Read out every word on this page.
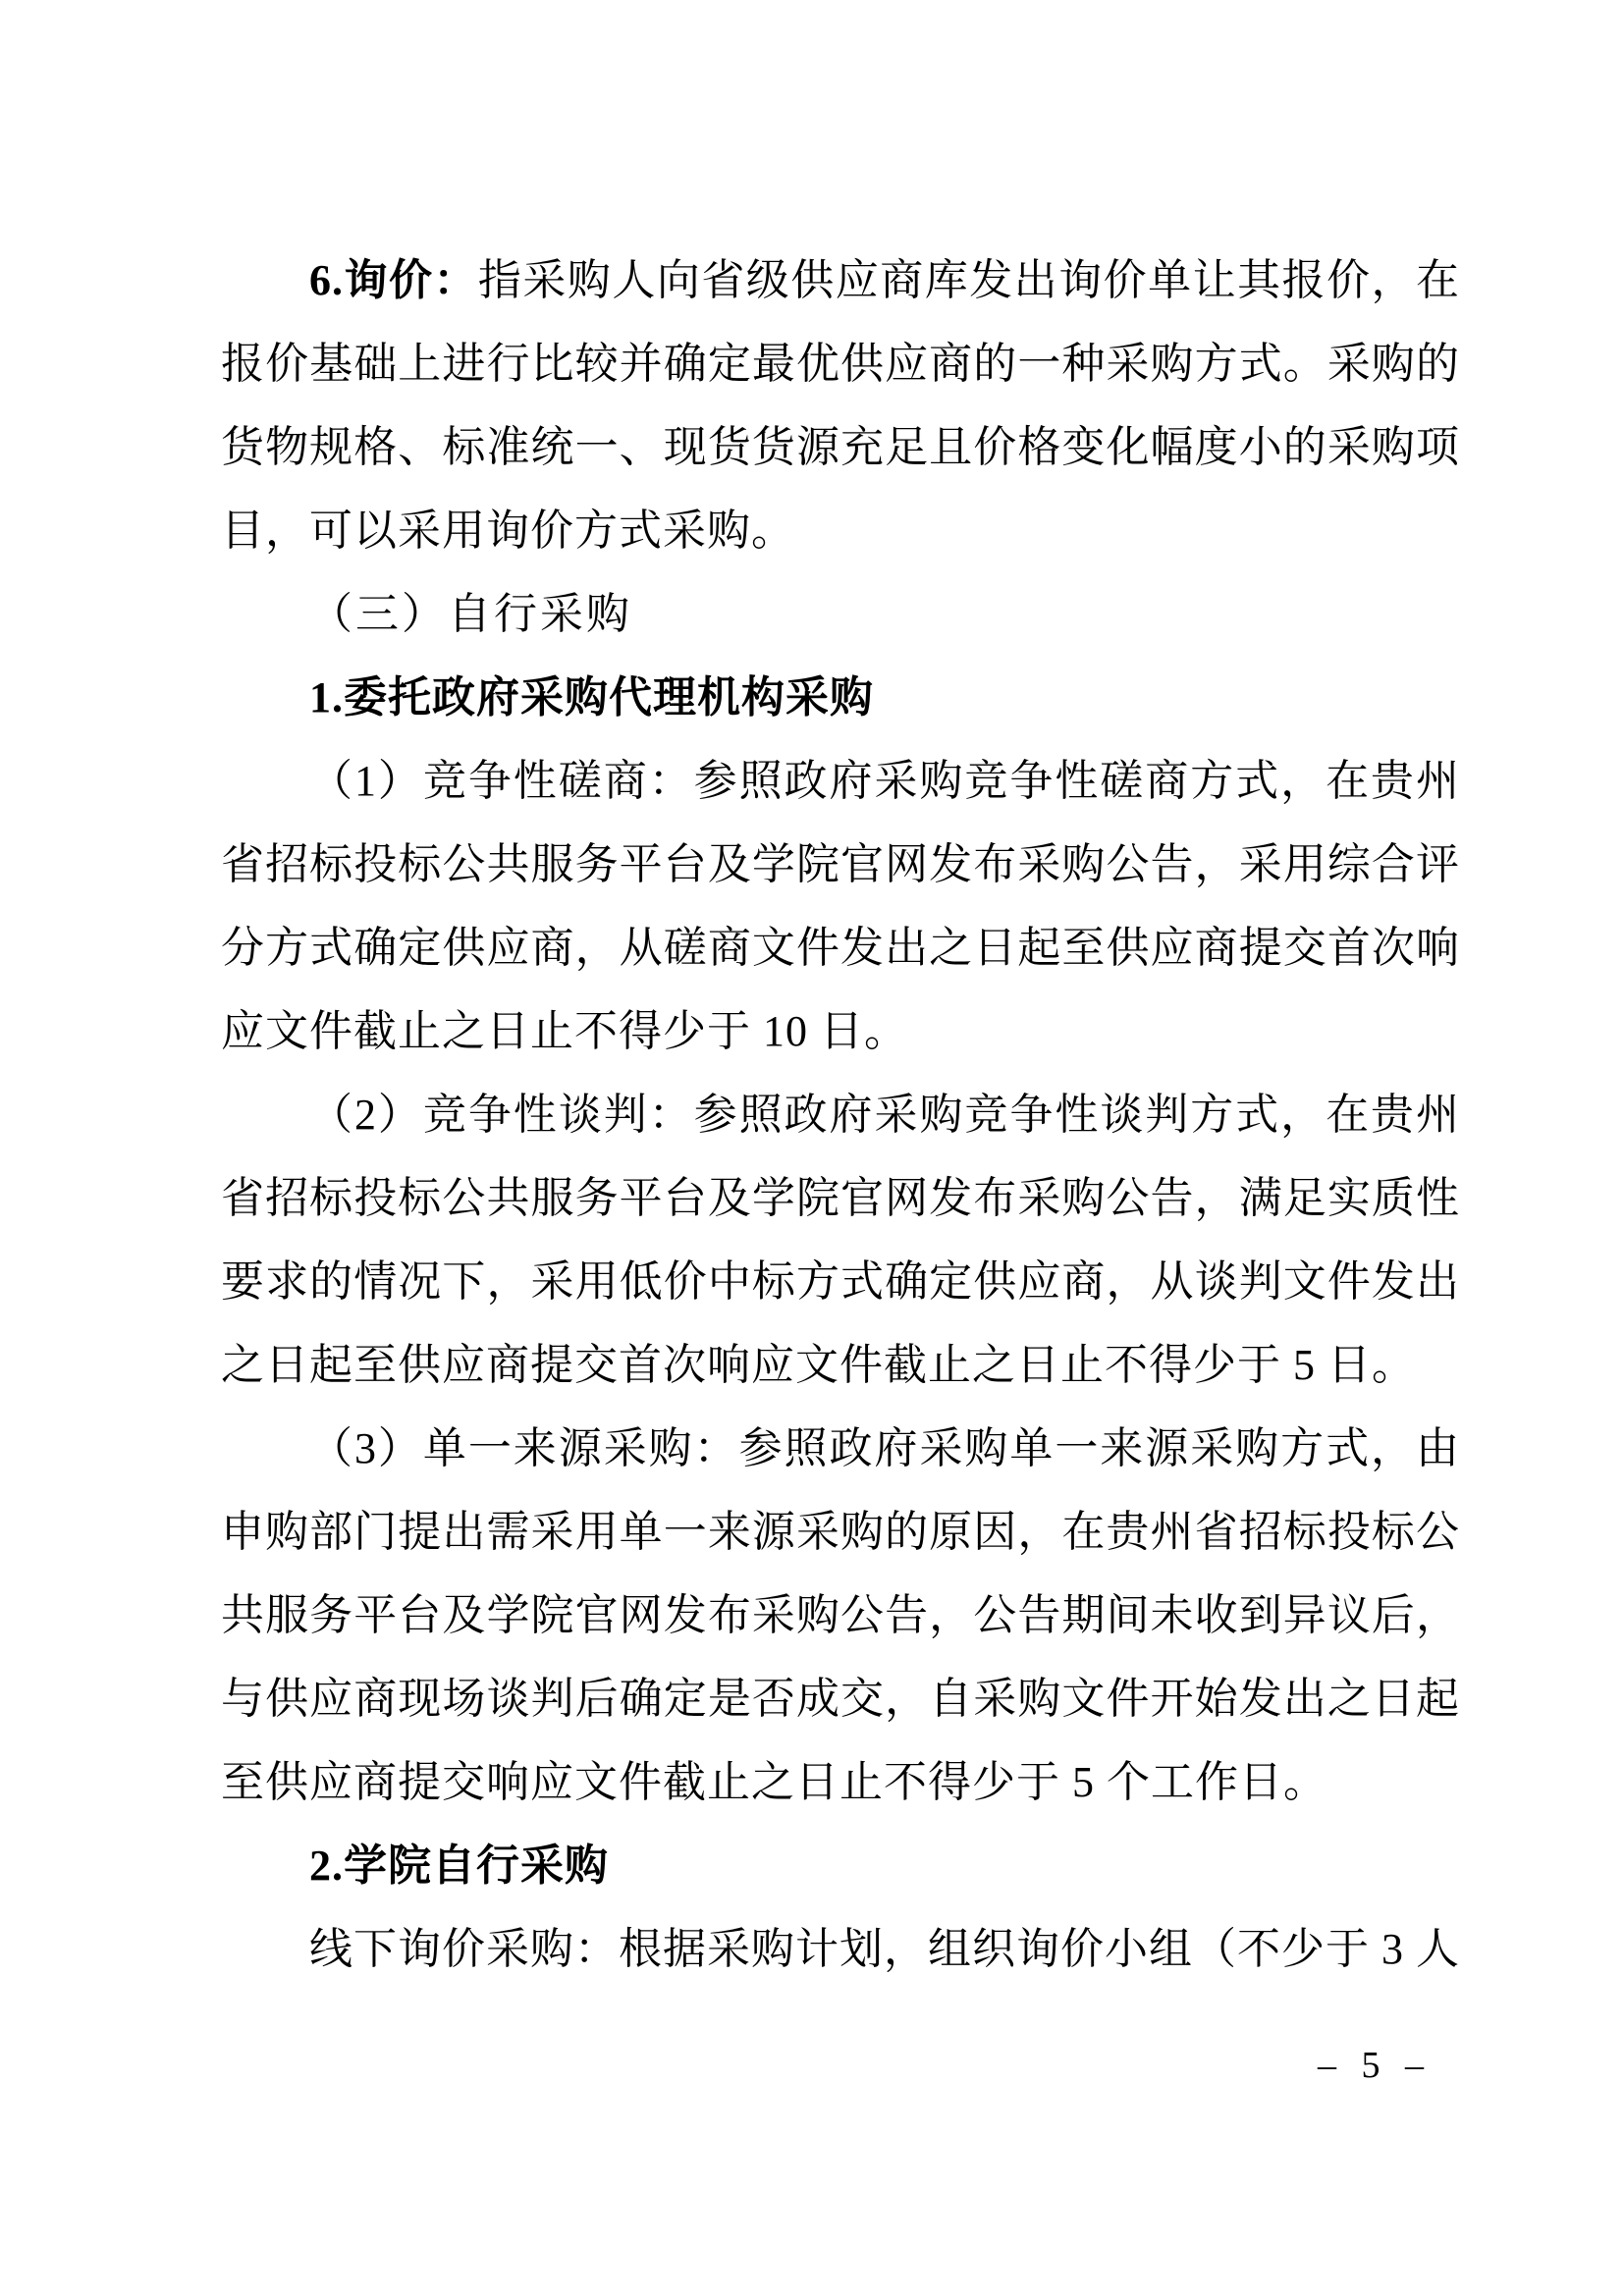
6.询价：指采购人向省级供应商库发出询价单让其报价，在报价基础上进行比较并确定最优供应商的一种采购方式。采购的货物规格、标准统一、现货货源充足且价格变化幅度小的采购项目，可以采用询价方式采购。

（三）自行采购

1.委托政府采购代理机构采购

（1）竞争性磋商：参照政府采购竞争性磋商方式，在贵州省招标投标公共服务平台及学院官网发布采购公告，采用综合评分方式确定供应商，从磋商文件发出之日起至供应商提交首次响应文件截止之日止不得少于 10 日。

（2）竞争性谈判：参照政府采购竞争性谈判方式，在贵州省招标投标公共服务平台及学院官网发布采购公告，满足实质性要求的情况下，采用低价中标方式确定供应商，从谈判文件发出之日起至供应商提交首次响应文件截止之日止不得少于 5 日。

（3）单一来源采购：参照政府采购单一来源采购方式，由申购部门提出需采用单一来源采购的原因，在贵州省招标投标公共服务平台及学院官网发布采购公告，公告期间未收到异议后，与供应商现场谈判后确定是否成交，自采购文件开始发出之日起至供应商提交响应文件截止之日止不得少于 5 个工作日。

2.学院自行采购

线下询价采购：根据采购计划，组织询价小组（不少于 3 人

– 5 –
